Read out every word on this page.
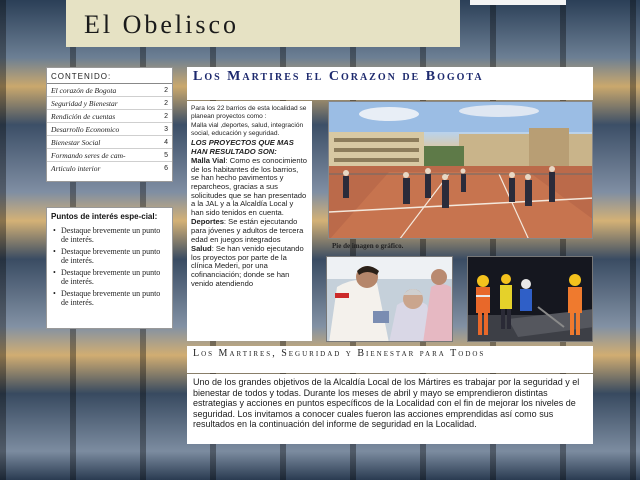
El Obelisco
CONTENIDO:
El corazón de Bogota	2
Seguridad y Bienestar	2
Rendición de cuentas	2
Desarrollo Economico	3
Bienestar Social	4
Formando seres de cam-	5
Articulo interior	6
Puntos de interés espe-cial:
• Destaque brevemente un punto de interés.
• Destaque brevemente un punto de interés.
• Destaque brevemente un punto de interés.
• Destaque brevemente un punto de interés.
Los Martires el Corazon de Bogota

Para los 22 barrios de esta localidad se planean proyectos como :

Malla vial ,deportes, salud, integración social, educación y seguridad.

LOS PROYECTOS QUE MAS HAN RESULTADO SON:

Malla Vial: Como es conocimiento de los habitantes de los barrios, se han hecho pavimentos y reparcheos, gracias a sus solicitudes que se han presentado a la JAL y a la Alcaldía Local y han sido tenidos en cuenta.

Deportes: Se están ejecutando para jóvenes y adultos de tercera edad en juegos integrados

Salud: Se han venido ejecutando los proyectos por parte de la clínica Mederi, por una cofinanciación; donde se han venido atendiendo

Pie de imagen o gráfico.
Los Martires, Seguridad y Bienestar para Todos
Uno de los grandes objetivos de la Alcaldía Local de los Mártires es trabajar por la seguridad y el bienestar de todos y todas. Durante los meses de abril y mayo se emprendieron distintas estrategias y acciones en puntos específicos de la Localidad con el fin de mejorar los niveles de seguridad. Los invitamos a conocer cuales fueron las acciones emprendidas así como sus resultados en la continuación del informe de seguridad en la Localidad.
